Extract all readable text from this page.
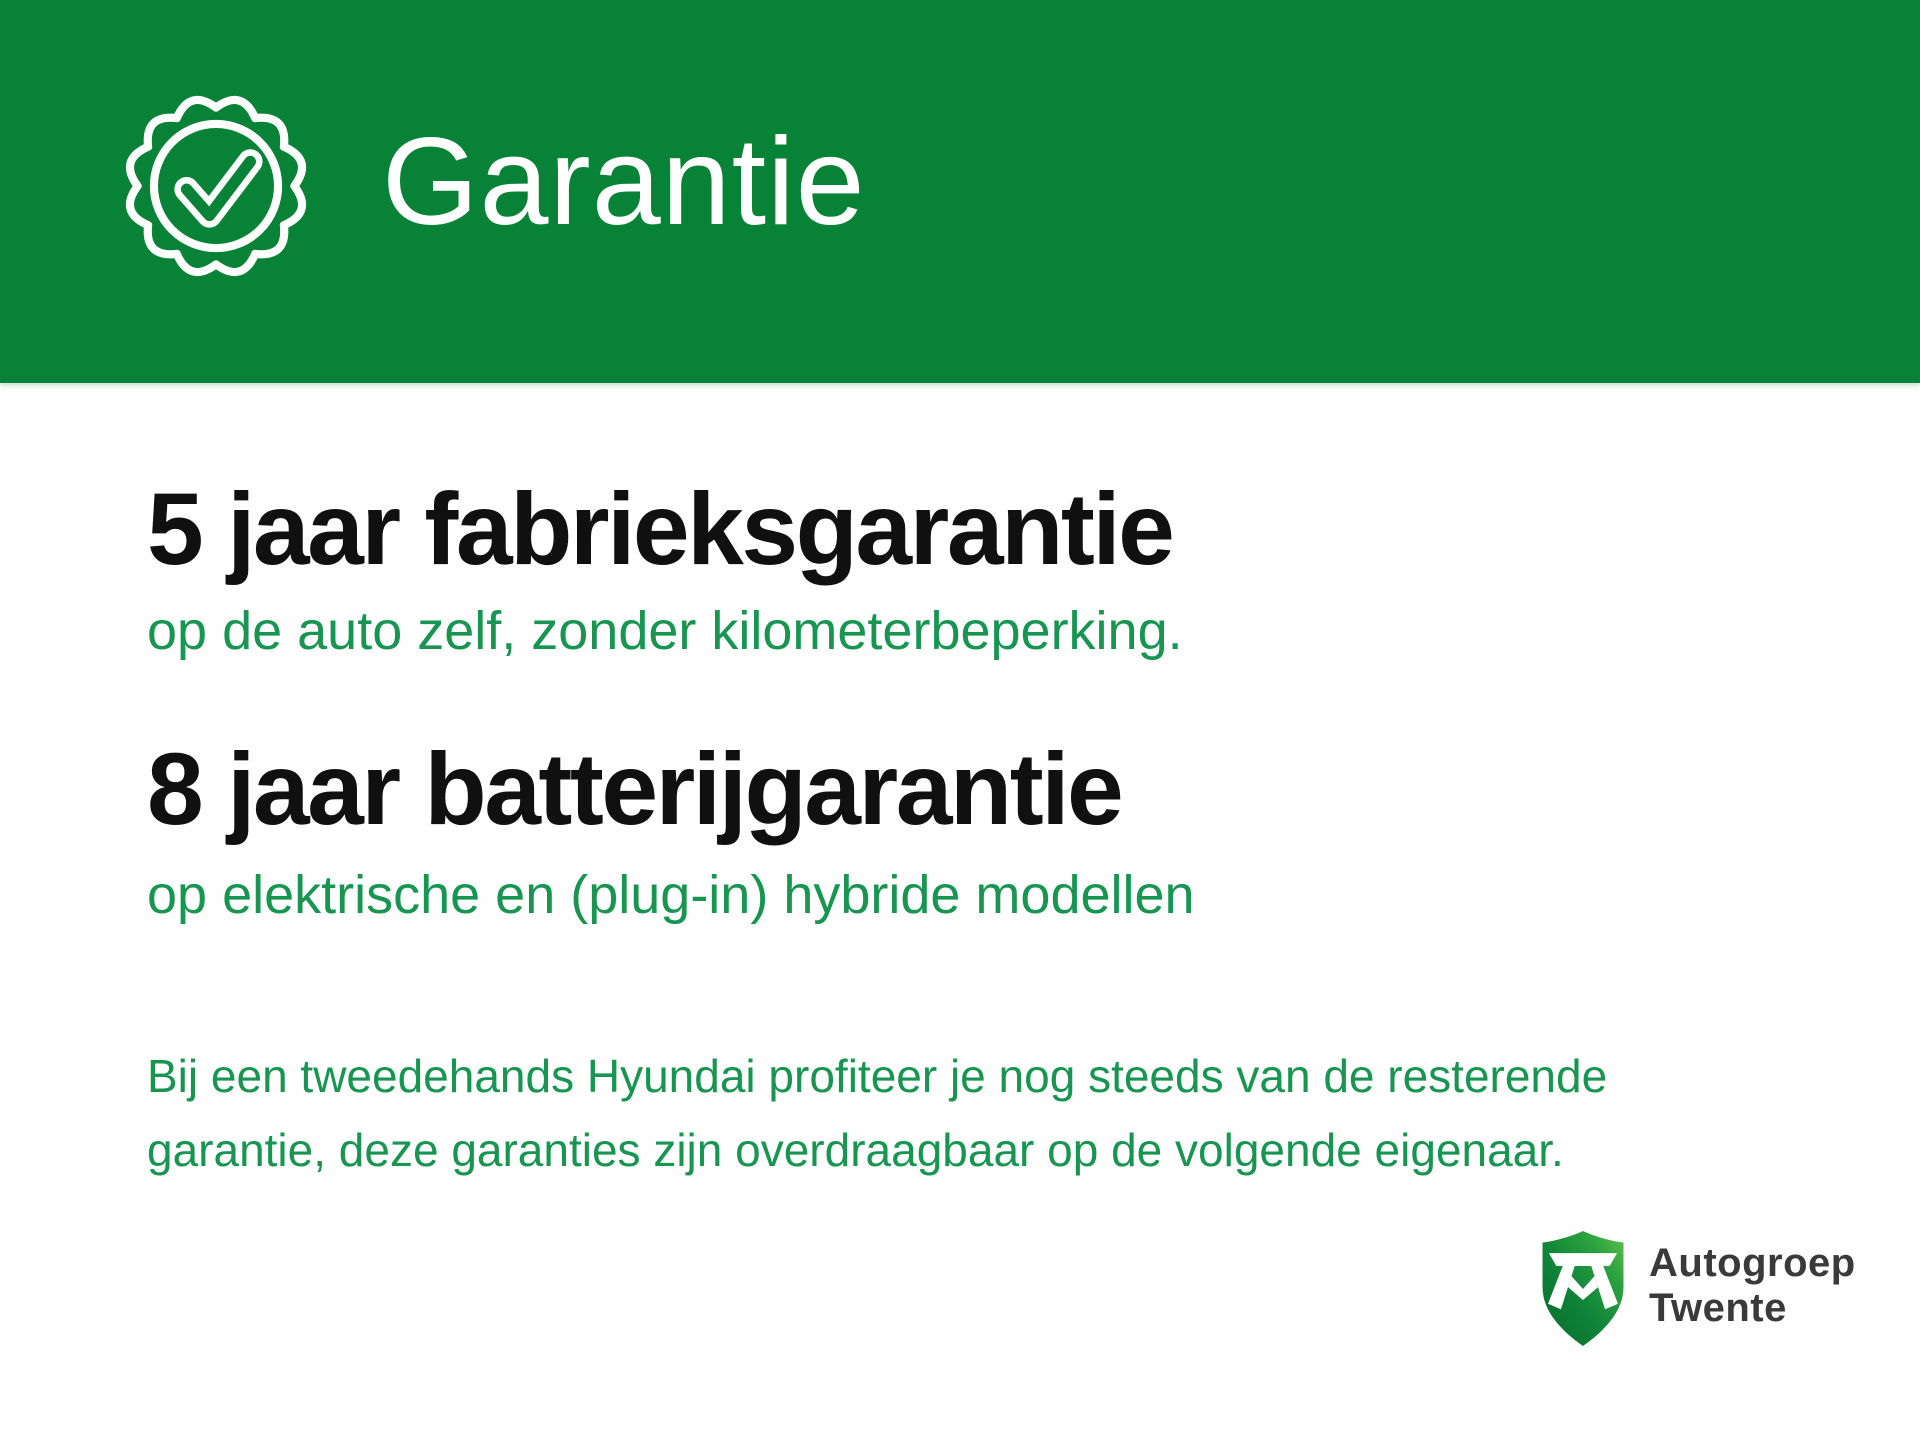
Garantie
5 jaar fabrieksgarantie

op de auto zelf, zonder kilometerbeperking.

8 jaar batterijgarantie

op elektrische en (plug-in) hybride modellen

Bij een tweedehands Hyundai profiteer je nog steeds van de resterende
garantie, deze garanties zijn overdraagbaar op de volgende eigenaar.

Autogroep
Twente
